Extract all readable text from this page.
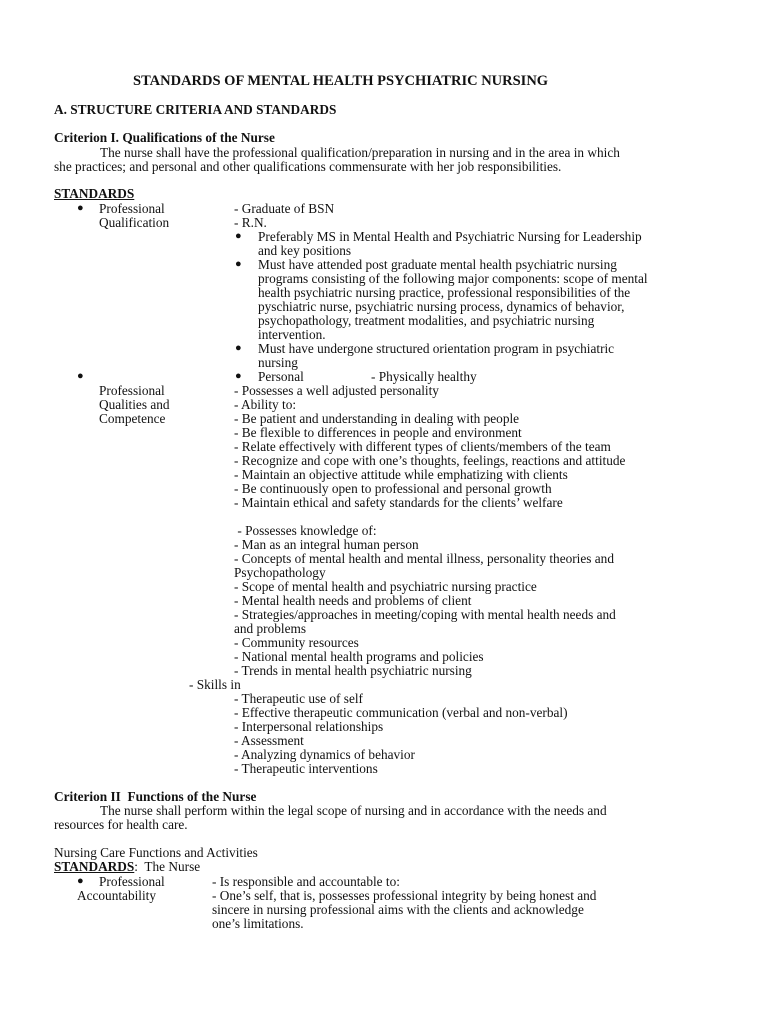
STANDARDS OF MENTAL HEALTH PSYCHIATRIC NURSING
A. STRUCTURE CRITERIA AND STANDARDS
Criterion I. Qualifications of the Nurse
The nurse shall have the professional qualification/preparation in nursing and in the area in which
she practices; and personal and other qualifications commensurate with her job responsibilities.
STANDARDS
● Professional
Qualification
- Graduate of BSN
- R.N.
● Preferably MS in Mental Health and Psychiatric Nursing for Leadership
and key positions
● Must have attended post graduate mental health psychiatric nursing
programs consisting of the following major components: scope of mental
health psychiatric nursing practice, professional responsibilities of the
pyschiatric nurse, psychiatric nursing process, dynamics of behavior,
psychopathology, treatment modalities, and psychiatric nursing
intervention.
● Must have undergone structured orientation program in psychiatric
nursing
● Personal	- Physically healthy
●
Professional
Qualities and
Competence
- Possesses a well adjusted personality
- Ability to:
- Be patient and understanding in dealing with people
- Be flexible to differences in people and environment
- Relate effectively with different types of clients/members of the team
- Recognize and cope with one’s thoughts, feelings, reactions and attitude
- Maintain an objective attitude while emphatizing with clients
- Be continuously open to professional and personal growth
- Maintain ethical and safety standards for the clients’ welfare
- Possesses knowledge of:
- Man as an integral human person
- Concepts of mental health and mental illness, personality theories and
Psychopathology
- Scope of mental health and psychiatric nursing practice
- Mental health needs and problems of client
- Strategies/approaches in meeting/coping with mental health needs and
and problems
- Community resources
- National mental health programs and policies
- Trends in mental health psychiatric nursing
- Skills in
- Therapeutic use of self
- Effective therapeutic communication (verbal and non-verbal)
- Interpersonal relationships
- Assessment
- Analyzing dynamics of behavior
- Therapeutic interventions
Criterion II  Functions of the Nurse
The nurse shall perform within the legal scope of nursing and in accordance with the needs and
resources for health care.
Nursing Care Functions and Activities
STANDARDS:  The Nurse
● Professional
Accountability
- Is responsible and accountable to:
- One’s self, that is, possesses professional integrity by being honest and
sincere in nursing professional aims with the clients and acknowledge
one’s limitations.
